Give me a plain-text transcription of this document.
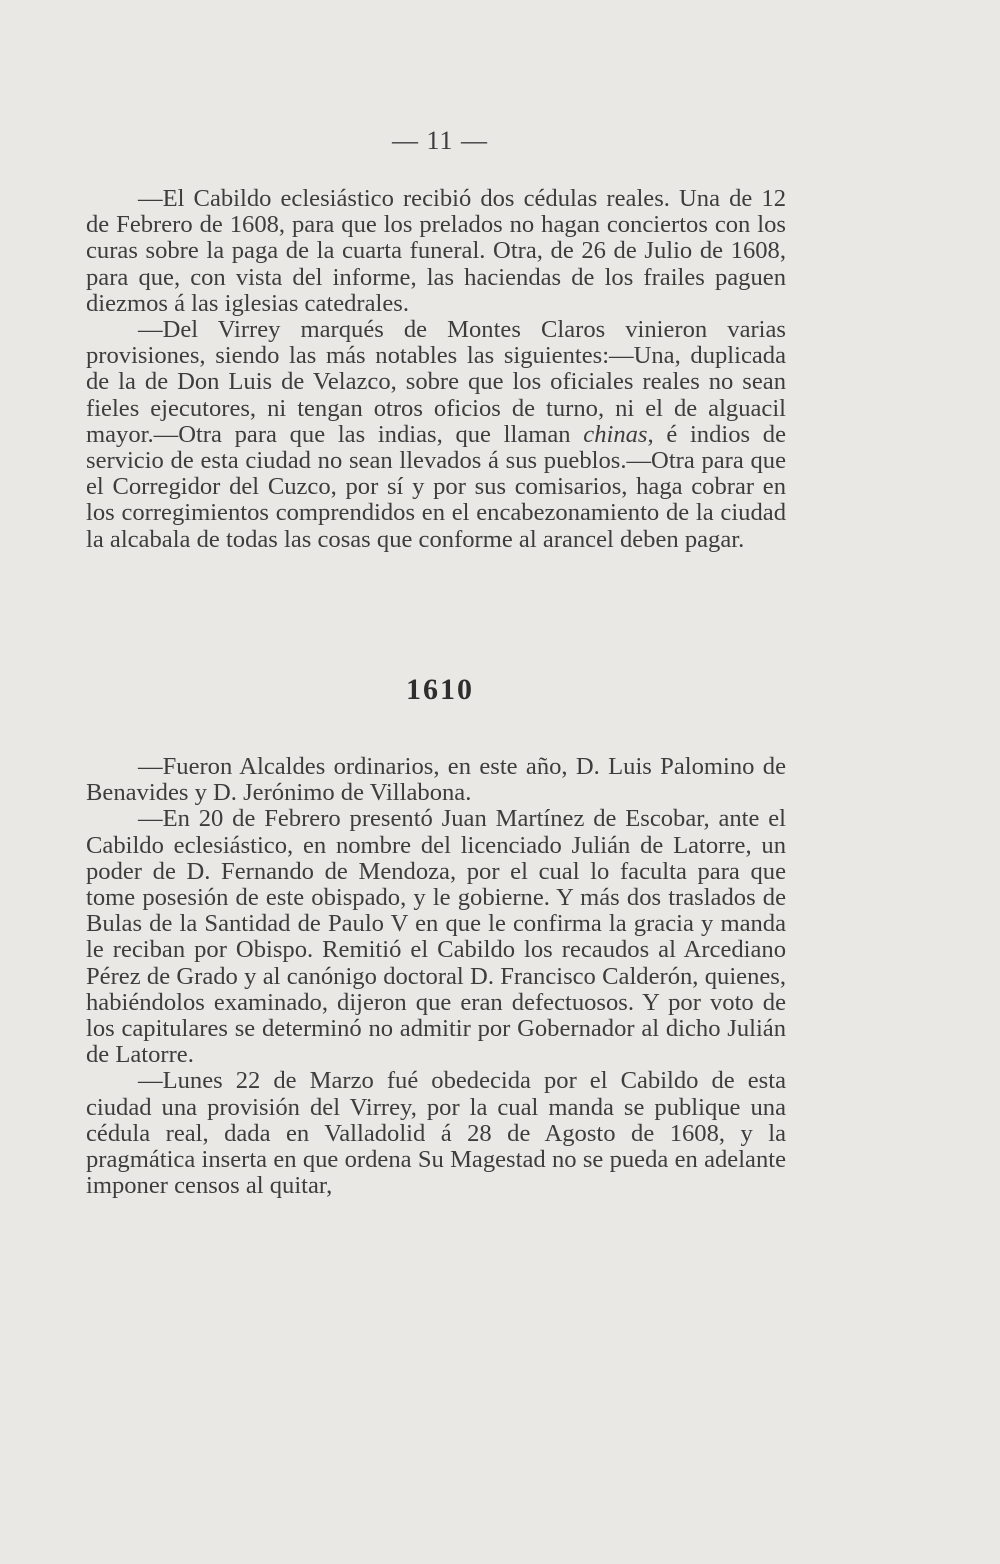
— 11 —

—El Cabildo eclesiástico recibió dos cédulas reales. Una de 12 de Febrero de 1608, para que los prelados no hagan conciertos con los curas sobre la paga de la cuarta funeral. Otra, de 26 de Julio de 1608, para que, con vista del informe, las haciendas de los frailes paguen diezmos á las iglesias catedrales.

—Del Virrey marqués de Montes Claros vinieron varias provisiones, siendo las más notables las siguientes:—Una, duplicada de la de Don Luis de Velazco, sobre que los oficiales reales no sean fieles ejecutores, ni tengan otros oficios de turno, ni el de alguacil mayor.—Otra para que las indias, que llaman chinas, é indios de servicio de esta ciudad no sean llevados á sus pueblos.—Otra para que el Corregidor del Cuzco, por sí y por sus comisarios, haga cobrar en los corregimientos comprendidos en el encabezonamiento de la ciudad la alcabala de todas las cosas que conforme al arancel deben pagar.

1610

—Fueron Alcaldes ordinarios, en este año, D. Luis Palomino de Benavides y D. Jerónimo de Villabona.

—En 20 de Febrero presentó Juan Martínez de Escobar, ante el Cabildo eclesiástico, en nombre del licenciado Julián de Latorre, un poder de D. Fernando de Mendoza, por el cual lo faculta para que tome posesión de este obispado, y le gobierne. Y más dos traslados de Bulas de la Santidad de Paulo V en que le confirma la gracia y manda le reciban por Obispo. Remitió el Cabildo los recaudos al Arcediano Pérez de Grado y al canónigo doctoral D. Francisco Calderón, quienes, habiéndolos examinado, dijeron que eran defectuosos. Y por voto de los capitulares se determinó no admitir por Gobernador al dicho Julián de Latorre.

—Lunes 22 de Marzo fué obedecida por el Cabildo de esta ciudad una provisión del Virrey, por la cual manda se publique una cédula real, dada en Valladolid á 28 de Agosto de 1608, y la pragmática inserta en que ordena Su Magestad no se pueda en adelante imponer censos al quitar,
